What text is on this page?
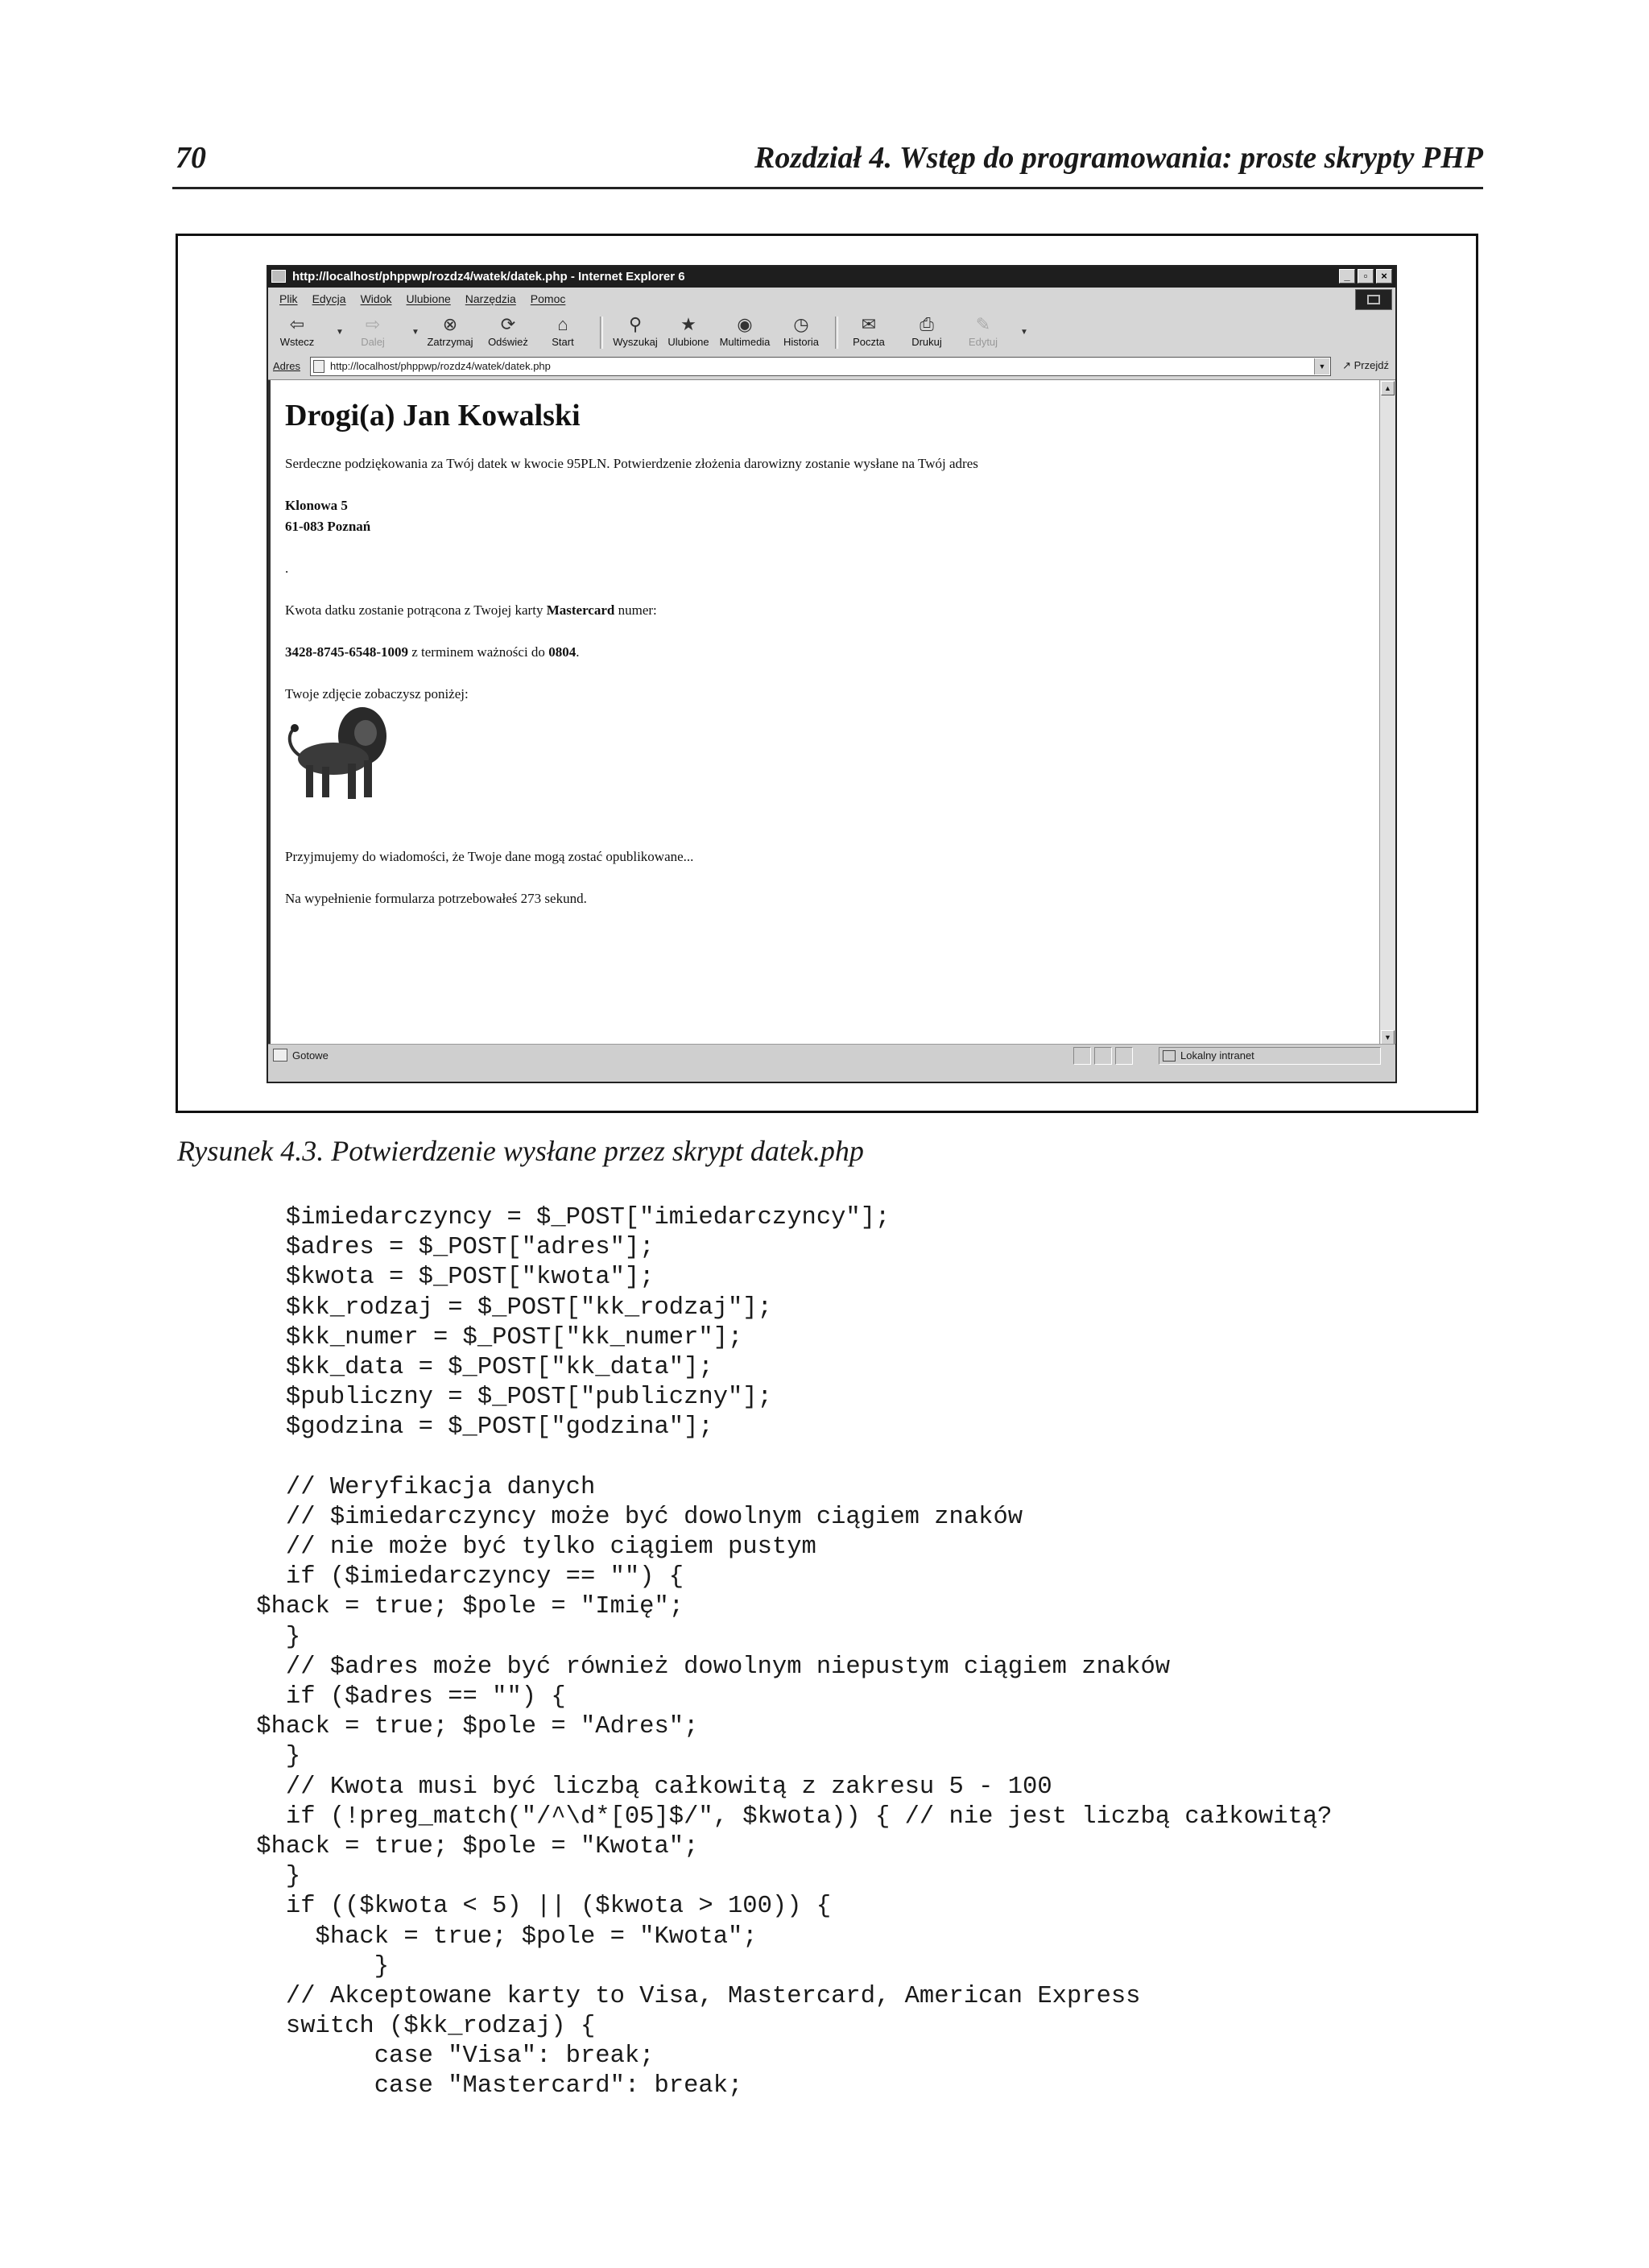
70	Rozdział 4. Wstęp do programowania: proste skrypty PHP
http://localhost/phppwp/rozdz4/watek/datek.php - Internet Explorer 6	_	▫	×
Plik Edycja Widok Ulubione Narzędzia Pomoc
⇦
Wstecz
▼	⇨
Dalej
▼	⊗
Zatrzymaj
⟳
Odśwież
⌂
Start
⚲
Wyszukaj
★
Ulubione
◉
Multimedia
◷
Historia
✉
Poczta
⎙
Drukuj
✎
Edytuj
▼
Adres	http://localhost/phppwp/rozdz4/watek/datek.php	▼	↗ Przejdź
Drogi(a) Jan Kowalski
Serdeczne podziękowania za Twój datek w kwocie 95PLN. Potwierdzenie złożenia darowizny zostanie wysłane na Twój adres
Klonowa 5
61-083 Poznań
.
Kwota datku zostanie potrącona z Twojej karty Mastercard numer:
3428-8745-6548-1009 z terminem ważności do 0804.
Twoje zdjęcie zobaczysz poniżej:
Przyjmujemy do wiadomości, że Twoje dane mogą zostać opublikowane...
Na wypełnienie formularza potrzebowałeś 273 sekund.
▲
▼
Gotowe	Lokalny intranet
Rysunek 4.3. Potwierdzenie wysłane przez skrypt datek.php
$imiedarczyncy = $_POST["imiedarczyncy"];
$adres = $_POST["adres"];
$kwota = $_POST["kwota"];
$kk_rodzaj = $_POST["kk_rodzaj"];
$kk_numer = $_POST["kk_numer"];
$kk_data = $_POST["kk_data"];
$publiczny = $_POST["publiczny"];
$godzina = $_POST["godzina"];
// Weryfikacja danych
// $imiedarczyncy może być dowolnym ciągiem znaków
// nie może być tylko ciągiem pustym
if ($imiedarczyncy == "") {
$hack = true; $pole = "Imię";
}
// $adres może być również dowolnym niepustym ciągiem znaków
if ($adres == "") {
$hack = true; $pole = "Adres";
}
// Kwota musi być liczbą całkowitą z zakresu 5 - 100
if (!preg_match("/^\d*[05]$/", $kwota)) { // nie jest liczbą całkowitą?
$hack = true; $pole = "Kwota";
}
if (($kwota < 5) || ($kwota > 100)) {
$hack = true; $pole = "Kwota";
}
// Akceptowane karty to Visa, Mastercard, American Express
switch ($kk_rodzaj) {
case "Visa": break;
case "Mastercard": break;
